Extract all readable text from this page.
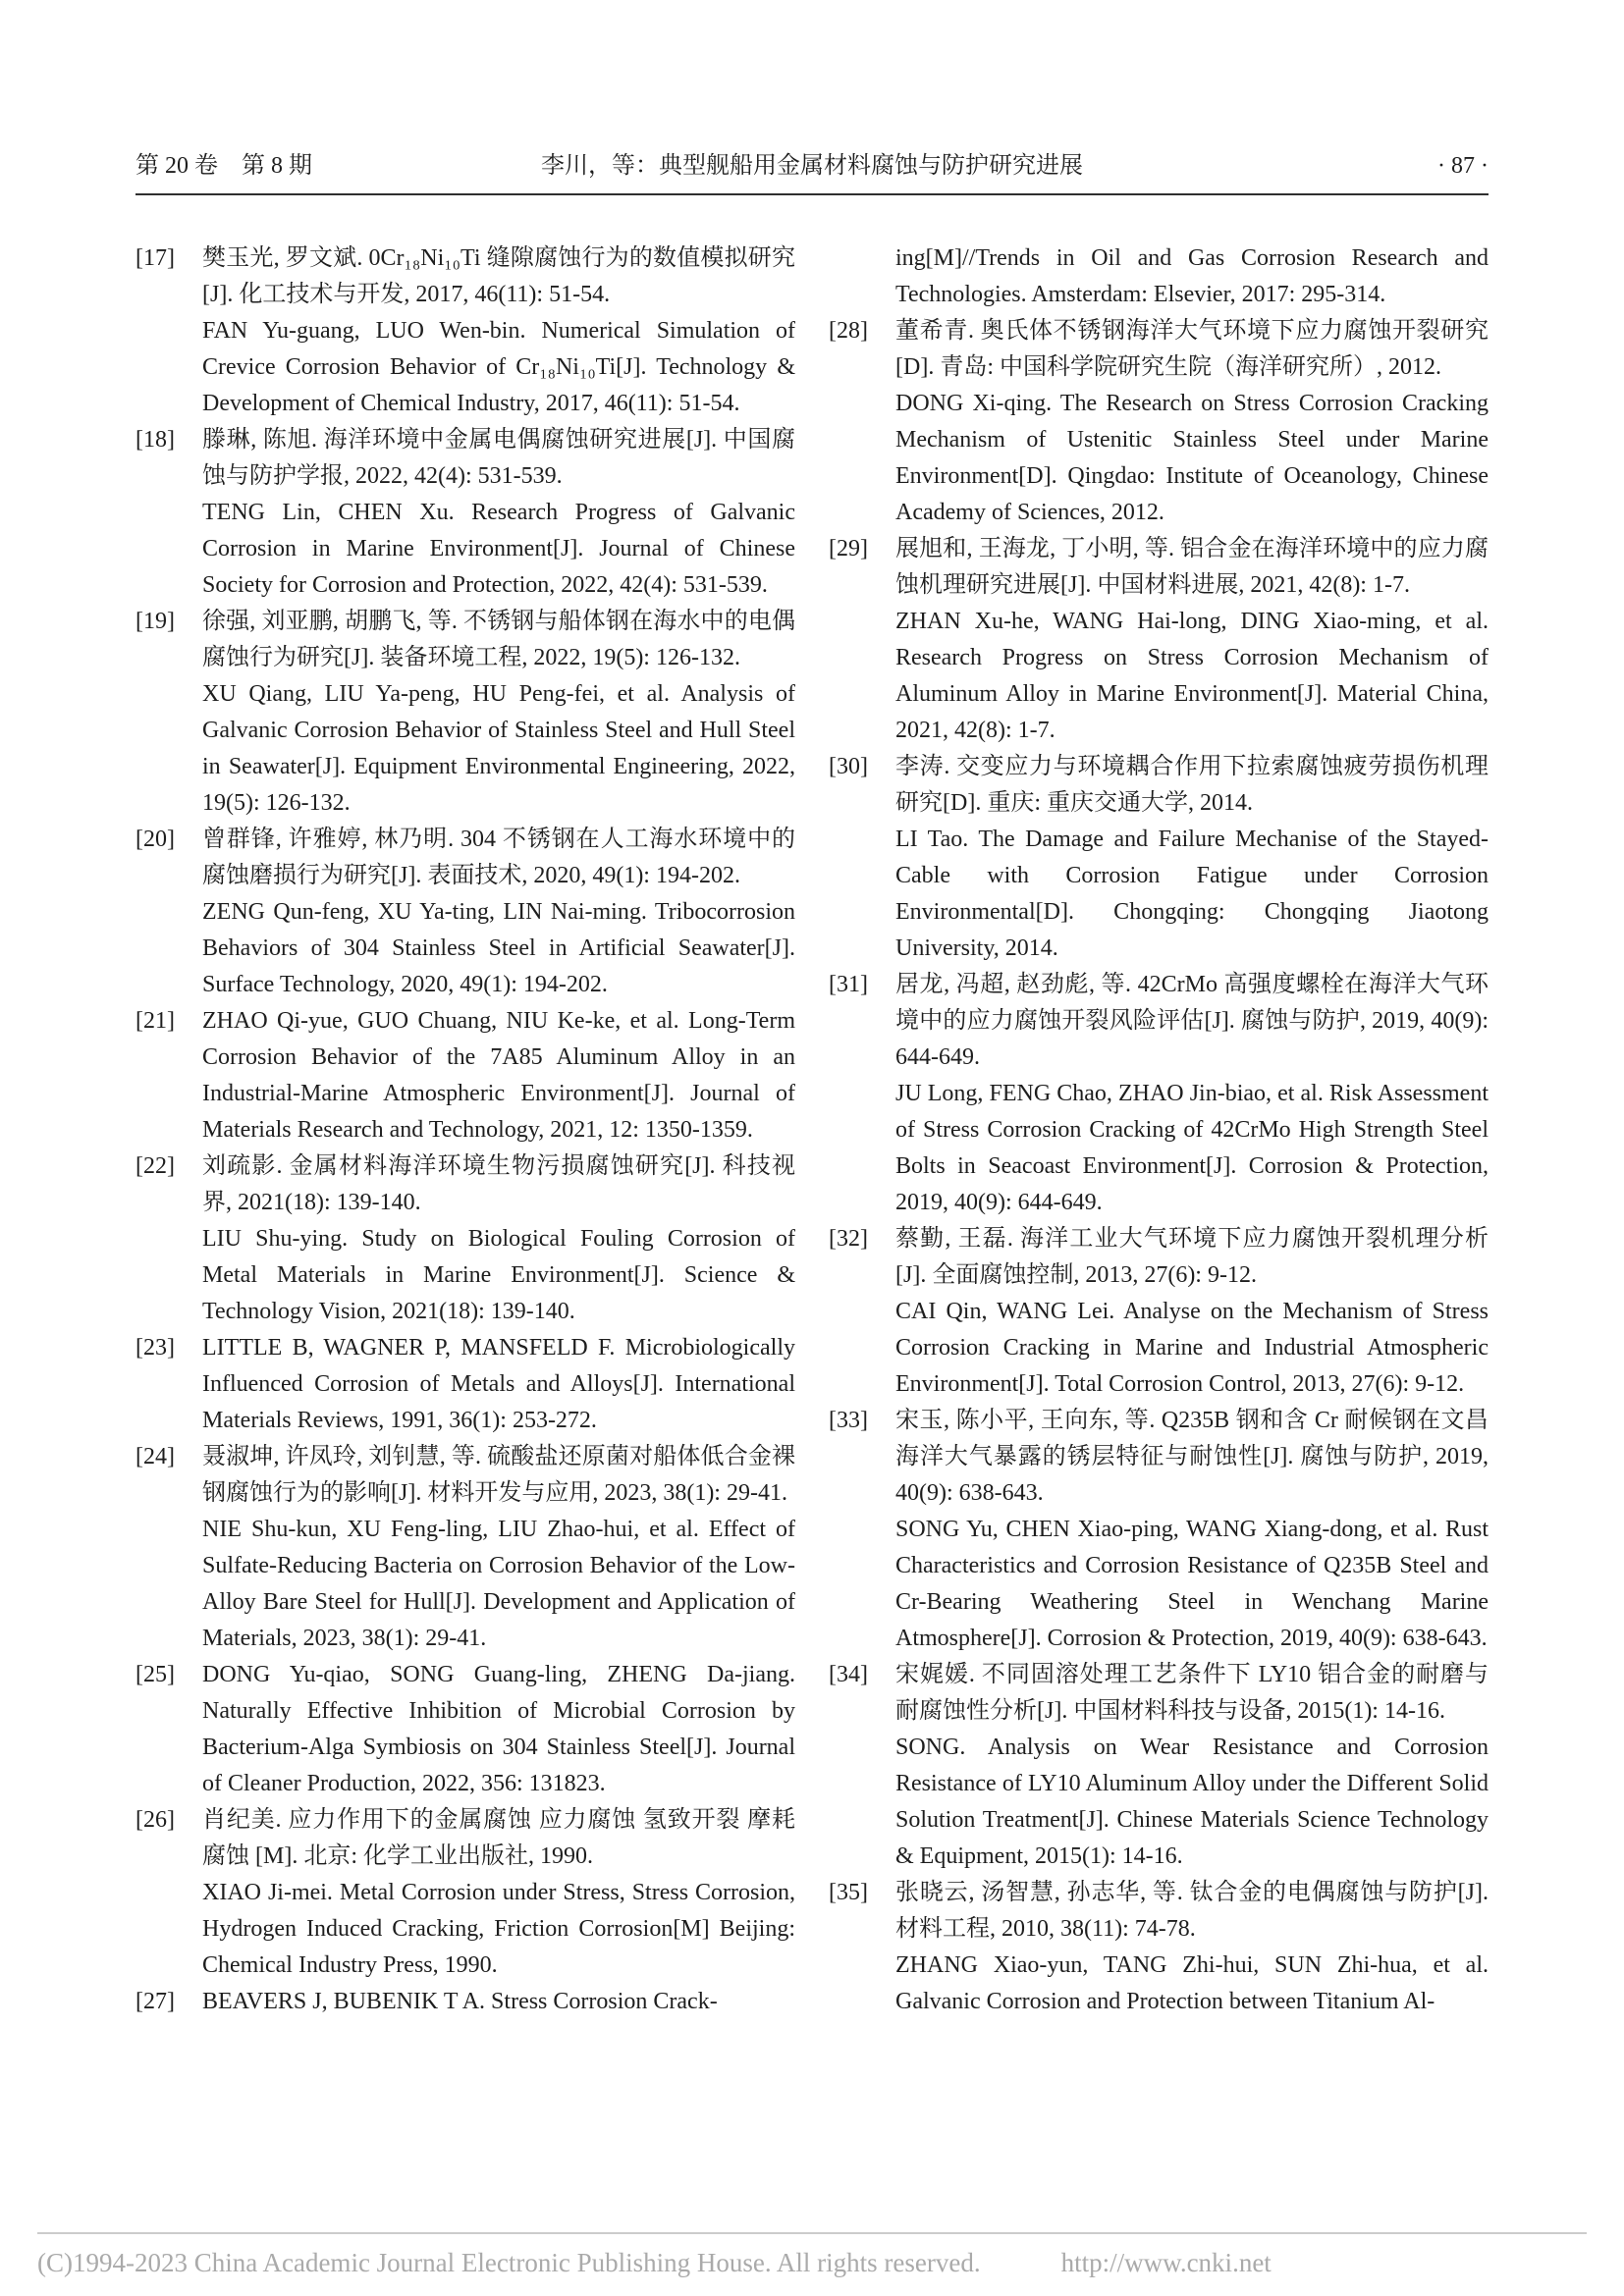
第 20 卷　第 8 期	李川，等：典型舰船用金属材料腐蚀与防护研究进展	· 87 ·
[17]	樊玉光, 罗文斌. 0Cr₁₈Ni₁₀Ti 缝隙腐蚀行为的数值模拟研究[J]. 化工技术与开发, 2017, 46(11): 51-54.

FAN Yu-guang, LUO Wen-bin. Numerical Simulation of Crevice Corrosion Behavior of Cr₁₈Ni₁₀Ti[J]. Technology & Development of Chemical Industry, 2017, 46(11): 51-54.

[18]	滕琳, 陈旭. 海洋环境中金属电偶腐蚀研究进展[J]. 中国腐蚀与防护学报, 2022, 42(4): 531-539.

TENG Lin, CHEN Xu. Research Progress of Galvanic Corrosion in Marine Environment[J]. Journal of Chinese Society for Corrosion and Protection, 2022, 42(4): 531-539.

[19]	徐强, 刘亚鹏, 胡鹏飞, 等. 不锈钢与船体钢在海水中的电偶腐蚀行为研究[J]. 装备环境工程, 2022, 19(5): 126-132.

XU Qiang, LIU Ya-peng, HU Peng-fei, et al. Analysis of Galvanic Corrosion Behavior of Stainless Steel and Hull Steel in Seawater[J]. Equipment Environmental Engineering, 2022, 19(5): 126-132.

[20]	曾群锋, 许雅婷, 林乃明. 304 不锈钢在人工海水环境中的腐蚀磨损行为研究[J]. 表面技术, 2020, 49(1): 194-202.

ZENG Qun-feng, XU Ya-ting, LIN Nai-ming. Tribocorrosion Behaviors of 304 Stainless Steel in Artificial Seawater[J]. Surface Technology, 2020, 49(1): 194-202.

[21]	ZHAO Qi-yue, GUO Chuang, NIU Ke-ke, et al. Long-Term Corrosion Behavior of the 7A85 Aluminum Alloy in an Industrial-Marine Atmospheric Environment[J]. Journal of Materials Research and Technology, 2021, 12: 1350-1359.

[22]	刘疏影. 金属材料海洋环境生物污损腐蚀研究[J]. 科技视界, 2021(18): 139-140.

LIU Shu-ying. Study on Biological Fouling Corrosion of Metal Materials in Marine Environment[J]. Science & Technology Vision, 2021(18): 139-140.

[23]	LITTLE B, WAGNER P, MANSFELD F. Microbiologically Influenced Corrosion of Metals and Alloys[J]. International Materials Reviews, 1991, 36(1): 253-272.

[24]	聂淑坤, 许凤玲, 刘钊慧, 等. 硫酸盐还原菌对船体低合金裸钢腐蚀行为的影响[J]. 材料开发与应用, 2023, 38(1): 29-41.

NIE Shu-kun, XU Feng-ling, LIU Zhao-hui, et al. Effect of Sulfate-Reducing Bacteria on Corrosion Behavior of the Low-Alloy Bare Steel for Hull[J]. Development and Application of Materials, 2023, 38(1): 29-41.

[25]	DONG Yu-qiao, SONG Guang-ling, ZHENG Da-jiang. Naturally Effective Inhibition of Microbial Corrosion by Bacterium-Alga Symbiosis on 304 Stainless Steel[J]. Journal of Cleaner Production, 2022, 356: 131823.

[26]	肖纪美. 应力作用下的金属腐蚀 应力腐蚀 氢致开裂 摩耗腐蚀 [M]. 北京: 化学工业出版社, 1990.

XIAO Ji-mei. Metal Corrosion under Stress, Stress Corrosion, Hydrogen Induced Cracking, Friction Corrosion[M] Beijing: Chemical Industry Press, 1990.

[27]	BEAVERS J, BUBENIK T A. Stress Corrosion Crack-

ing[M]//Trends in Oil and Gas Corrosion Research and Technologies. Amsterdam: Elsevier, 2017: 295-314.

[28]	董希青. 奥氏体不锈钢海洋大气环境下应力腐蚀开裂研究[D]. 青岛: 中国科学院研究生院（海洋研究所）, 2012.

DONG Xi-qing. The Research on Stress Corrosion Cracking Mechanism of Ustenitic Stainless Steel under Marine Environment[D]. Qingdao: Institute of Oceanology, Chinese Academy of Sciences, 2012.

[29]	展旭和, 王海龙, 丁小明, 等. 铝合金在海洋环境中的应力腐蚀机理研究进展[J]. 中国材料进展, 2021, 42(8): 1-7.

ZHAN Xu-he, WANG Hai-long, DING Xiao-ming, et al. Research Progress on Stress Corrosion Mechanism of Aluminum Alloy in Marine Environment[J]. Material China, 2021, 42(8): 1-7.

[30]	李涛. 交变应力与环境耦合作用下拉索腐蚀疲劳损伤机理研究[D]. 重庆: 重庆交通大学, 2014.

LI Tao. The Damage and Failure Mechanise of the Stayed-Cable with Corrosion Fatigue under Corrosion Environmental[D]. Chongqing: Chongqing Jiaotong University, 2014.

[31]	居龙, 冯超, 赵劲彪, 等. 42CrMo 高强度螺栓在海洋大气环境中的应力腐蚀开裂风险评估[J]. 腐蚀与防护, 2019, 40(9): 644-649.

JU Long, FENG Chao, ZHAO Jin-biao, et al. Risk Assessment of Stress Corrosion Cracking of 42CrMo High Strength Steel Bolts in Seacoast Environment[J]. Corrosion & Protection, 2019, 40(9): 644-649.

[32]	蔡勤, 王磊. 海洋工业大气环境下应力腐蚀开裂机理分析[J]. 全面腐蚀控制, 2013, 27(6): 9-12.

CAI Qin, WANG Lei. Analyse on the Mechanism of Stress Corrosion Cracking in Marine and Industrial Atmospheric Environment[J]. Total Corrosion Control, 2013, 27(6): 9-12.

[33]	宋玉, 陈小平, 王向东, 等. Q235B 钢和含 Cr 耐候钢在文昌海洋大气暴露的锈层特征与耐蚀性[J]. 腐蚀与防护, 2019, 40(9): 638-643.

SONG Yu, CHEN Xiao-ping, WANG Xiang-dong, et al. Rust Characteristics and Corrosion Resistance of Q235B Steel and Cr-Bearing Weathering Steel in Wenchang Marine Atmosphere[J]. Corrosion & Protection, 2019, 40(9): 638-643.

[34]	宋娓媛. 不同固溶处理工艺条件下 LY10 铝合金的耐磨与耐腐蚀性分析[J]. 中国材料科技与设备, 2015(1): 14-16.

SONG. Analysis on Wear Resistance and Corrosion Resistance of LY10 Aluminum Alloy under the Different Solid Solution Treatment[J]. Chinese Materials Science Technology & Equipment, 2015(1): 14-16.

[35]	张晓云, 汤智慧, 孙志华, 等. 钛合金的电偶腐蚀与防护[J]. 材料工程, 2010, 38(11): 74-78.

ZHANG Xiao-yun, TANG Zhi-hui, SUN Zhi-hua, et al. Galvanic Corrosion and Protection between Titanium Al-

(C)1994-2023 China Academic Journal Electronic Publishing House. All rights reserved.	http://www.cnki.net
